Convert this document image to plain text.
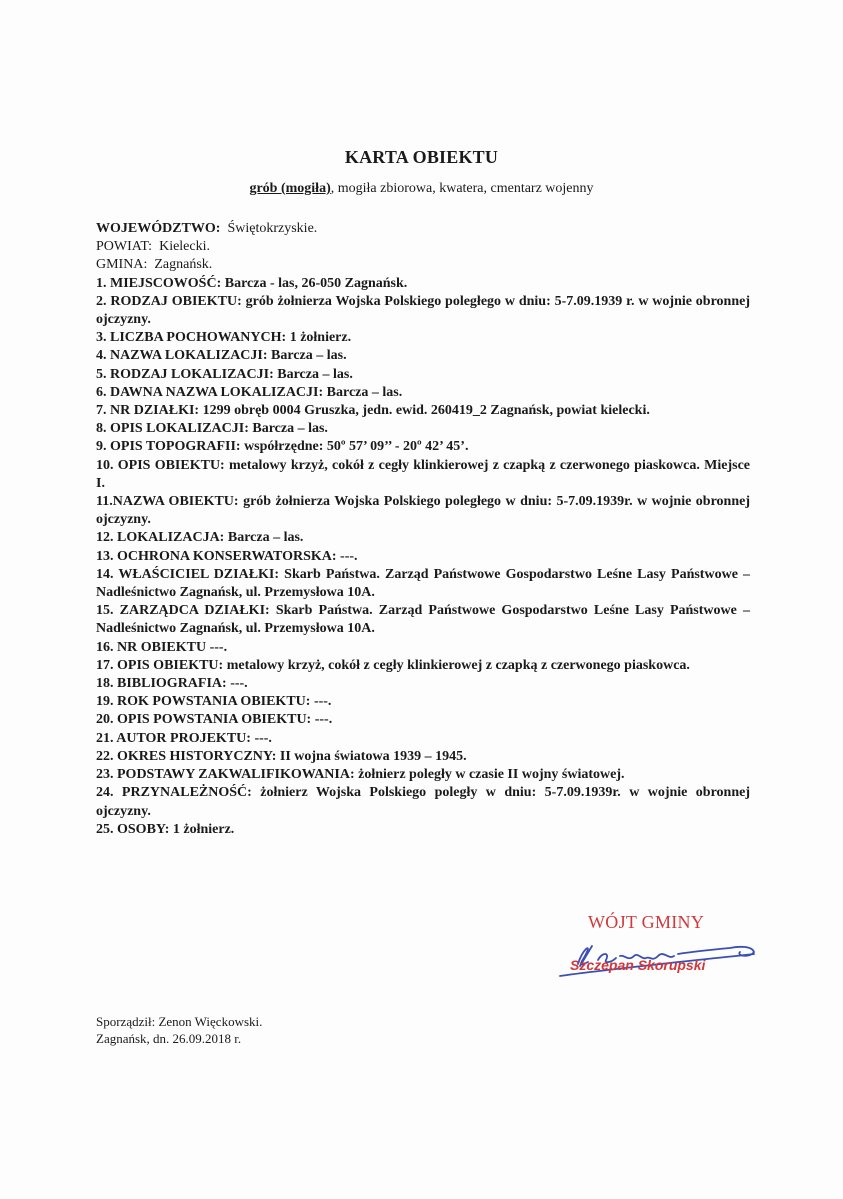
KARTA OBIEKTU
grób (mogiła), mogiła zbiorowa, kwatera, cmentarz wojenny

WOJEWÓDZTWO: Świętokrzyskie.

POWIAT: Kielecki.

GMINA: Zagnańsk.

1. MIEJSCOWOŚĆ: Barcza - las, 26-050 Zagnańsk.

2. RODZAJ OBIEKTU: grób żołnierza Wojska Polskiego poległego w dniu: 5-7.09.1939 r. w wojnie obronnej ojczyzny.

3. LICZBA POCHOWANYCH: 1 żołnierz.

4. NAZWA LOKALIZACJI: Barcza – las.

5. RODZAJ LOKALIZACJI: Barcza – las.

6. DAWNA NAZWA LOKALIZACJI: Barcza – las.

7. NR DZIAŁKI: 1299 obręb 0004 Gruszka, jedn. ewid. 260419_2 Zagnańsk, powiat kielecki.

8. OPIS LOKALIZACJI: Barcza – las.

9. OPIS TOPOGRAFII: współrzędne: 50º 57’ 09’’ - 20º 42’ 45’.

10. OPIS OBIEKTU: metalowy krzyż, cokół z cegły klinkierowej z czapką z czerwonego piaskowca. Miejsce I.

11.NAZWA OBIEKTU: grób żołnierza Wojska Polskiego poległego w dniu: 5-7.09.1939r. w wojnie obronnej ojczyzny.

12. LOKALIZACJA: Barcza – las.

13. OCHRONA KONSERWATORSKA: ---.

14. WŁAŚCICIEL DZIAŁKI: Skarb Państwa. Zarząd Państwowe Gospodarstwo Leśne Lasy Państwowe – Nadleśnictwo Zagnańsk, ul. Przemysłowa 10A.

15. ZARZĄDCA DZIAŁKI: Skarb Państwa. Zarząd Państwowe Gospodarstwo Leśne Lasy Państwowe – Nadleśnictwo Zagnańsk, ul. Przemysłowa 10A.

16. NR OBIEKTU ---.

17. OPIS OBIEKTU: metalowy krzyż, cokół z cegły klinkierowej z czapką z czerwonego piaskowca.

18. BIBLIOGRAFIA: ---.

19. ROK POWSTANIA OBIEKTU: ---.

20. OPIS POWSTANIA OBIEKTU: ---.

21. AUTOR PROJEKTU: ---.

22. OKRES HISTORYCZNY: II wojna światowa 1939 – 1945.

23. PODSTAWY ZAKWALIFIKOWANIA: żołnierz poległy w czasie II wojny światowej.

24. PRZYNALEŻNOŚĆ: żołnierz Wojska Polskiego poległy w dniu: 5-7.09.1939r. w wojnie obronnej ojczyzny.

25. OSOBY: 1 żołnierz.

WÓJT GMINY
Szczepan Skorupski

Sporządził: Zenon Więckowski.

Zagnańsk, dn. 26.09.2018 r.
